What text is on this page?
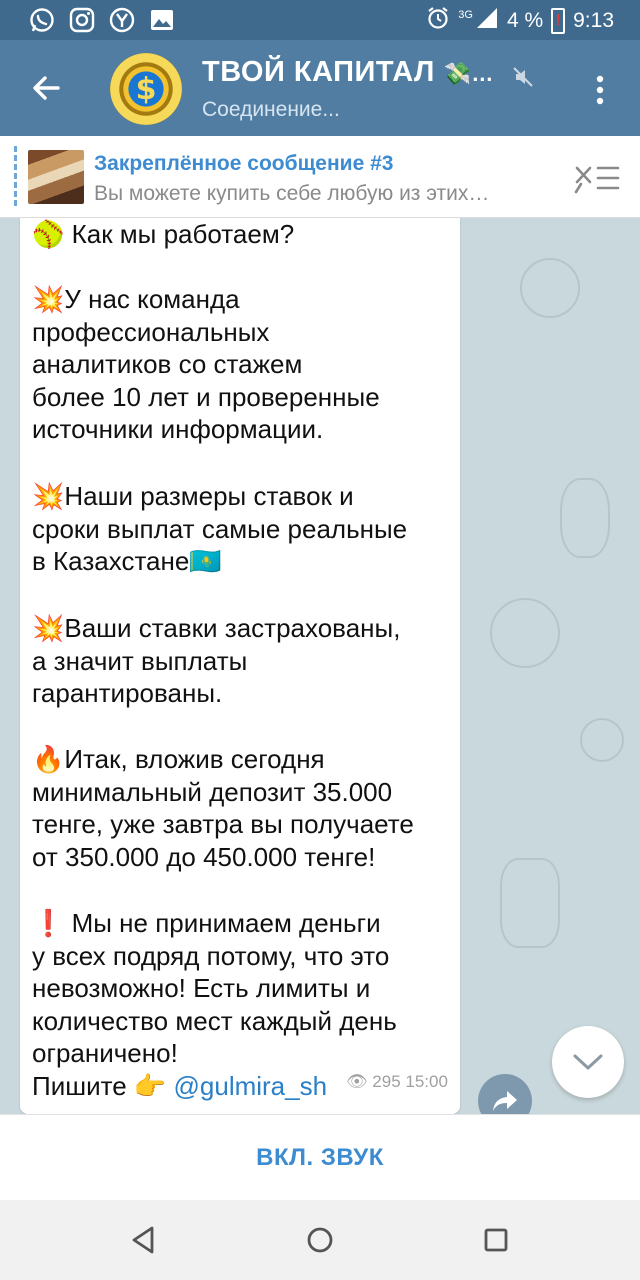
3G 4 % ! 9:13
$ ТВОЙ КАПИТАЛ 💸…
Соединение...
Закреплённое сообщение #3
Вы можете купить себе любую из этих…
🥎 Как мы работаем?
💥У нас команда
профессиональных
аналитиков со стажем
более 10 лет и проверенные
источники информации.
💥Наши размеры ставок и
сроки выплат самые реальные
в Казахстане🇰🇿
💥Ваши ставки застрахованы,
а значит выплаты
гарантированы.
🔥Итак, вложив сегодня
минимальный депозит 35.000
тенге, уже завтра вы получаете
от 350.000 до 450.000 тенге!
❗ Мы не принимаем деньги
у всех подряд потому, что это
невозможно! Есть лимиты и
количество мест каждый день
ограничено!
Пишите 👉 @gulmira_sh 👁 295 15:00
ВКЛ. ЗВУК
